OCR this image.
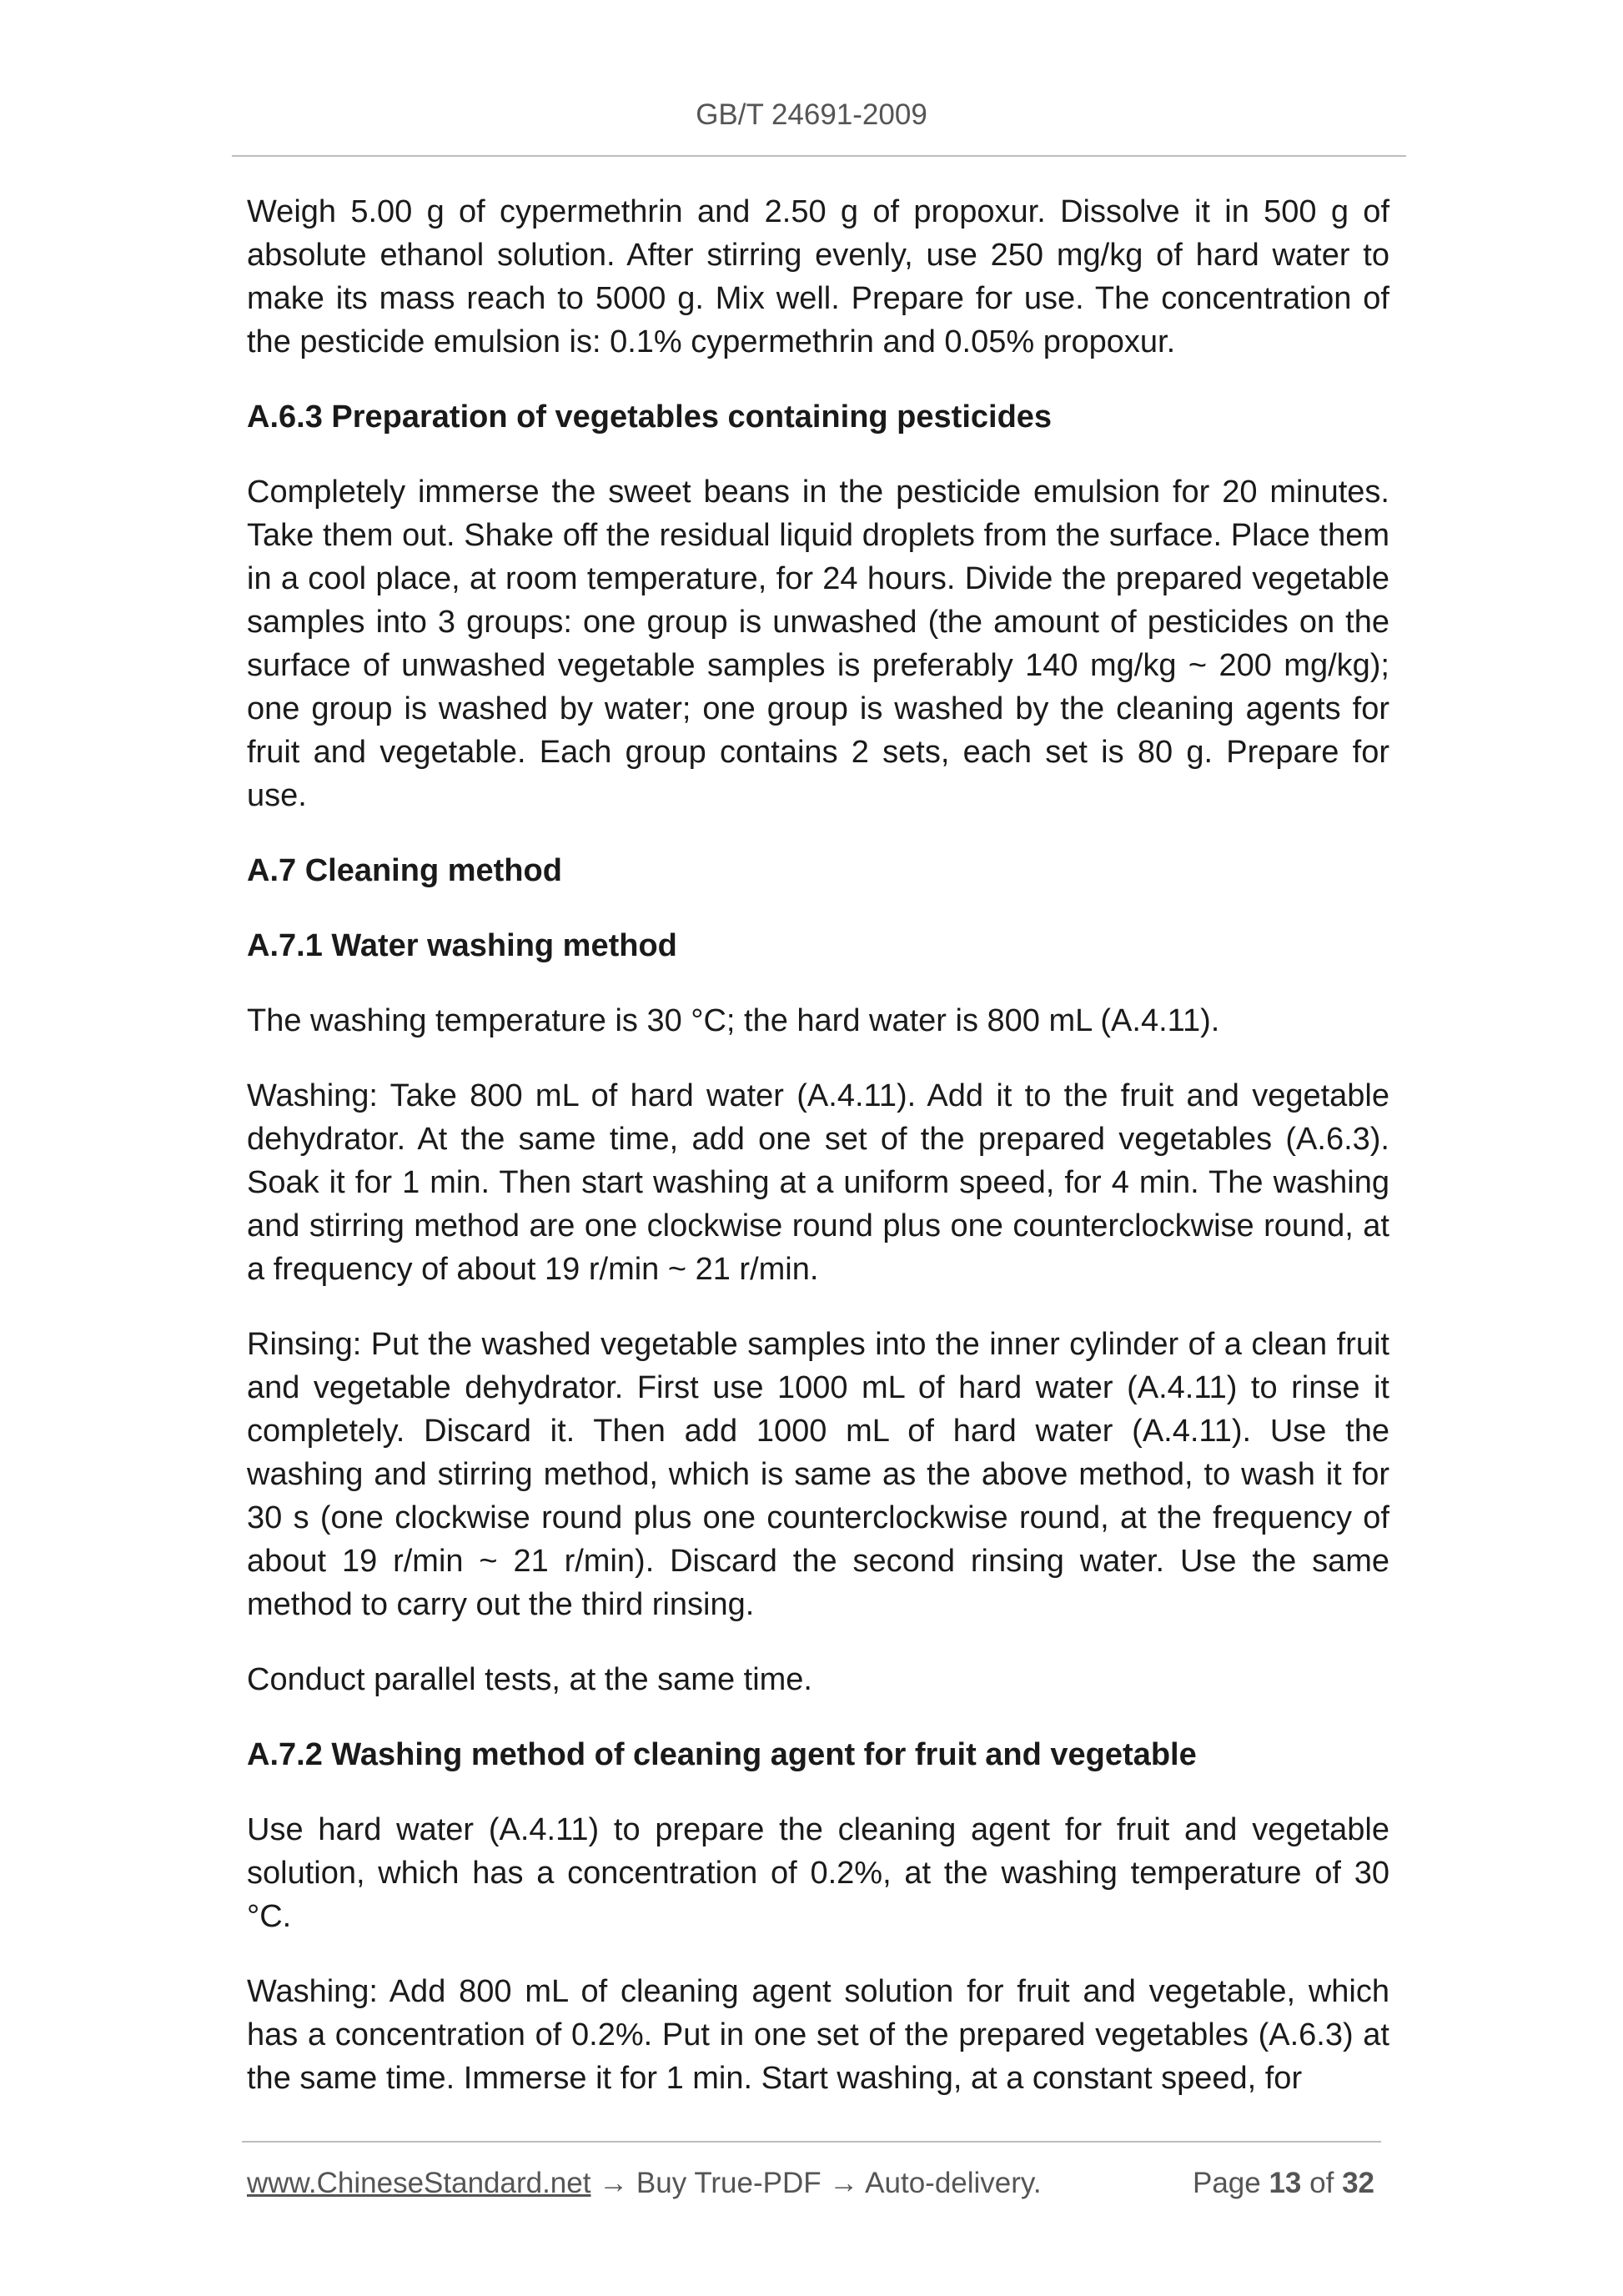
GB/T 24691-2009

Weigh 5.00 g of cypermethrin and 2.50 g of propoxur. Dissolve it in 500 g of absolute ethanol solution. After stirring evenly, use 250 mg/kg of hard water to make its mass reach to 5000 g. Mix well. Prepare for use. The concentration of the pesticide emulsion is: 0.1% cypermethrin and 0.05% propoxur.

A.6.3 Preparation of vegetables containing pesticides

Completely immerse the sweet beans in the pesticide emulsion for 20 minutes. Take them out. Shake off the residual liquid droplets from the surface. Place them in a cool place, at room temperature, for 24 hours. Divide the prepared vegetable samples into 3 groups: one group is unwashed (the amount of pesticides on the surface of unwashed vegetable samples is preferably 140 mg/kg ~ 200 mg/kg); one group is washed by water; one group is washed by the cleaning agents for fruit and vegetable. Each group contains 2 sets, each set is 80 g. Prepare for use.

A.7 Cleaning method
A.7.1 Water washing method

The washing temperature is 30 °C; the hard water is 800 mL (A.4.11).

Washing: Take 800 mL of hard water (A.4.11). Add it to the fruit and vegetable dehydrator. At the same time, add one set of the prepared vegetables (A.6.3). Soak it for 1 min. Then start washing at a uniform speed, for 4 min. The washing and stirring method are one clockwise round plus one counterclockwise round, at a frequency of about 19 r/min ~ 21 r/min.

Rinsing: Put the washed vegetable samples into the inner cylinder of a clean fruit and vegetable dehydrator. First use 1000 mL of hard water (A.4.11) to rinse it completely. Discard it. Then add 1000 mL of hard water (A.4.11). Use the washing and stirring method, which is same as the above method, to wash it for 30 s (one clockwise round plus one counterclockwise round, at the frequency of about 19 r/min ~ 21 r/min). Discard the second rinsing water. Use the same method to carry out the third rinsing.

Conduct parallel tests, at the same time.

A.7.2 Washing method of cleaning agent for fruit and vegetable

Use hard water (A.4.11) to prepare the cleaning agent for fruit and vegetable solution, which has a concentration of 0.2%, at the washing temperature of 30 °C.

Washing: Add 800 mL of cleaning agent solution for fruit and vegetable, which has a concentration of 0.2%. Put in one set of the prepared vegetables (A.6.3) at the same time. Immerse it for 1 min. Start washing, at a constant speed, for

www.ChineseStandard.net → Buy True-PDF → Auto-delivery.	Page 13 of 32
